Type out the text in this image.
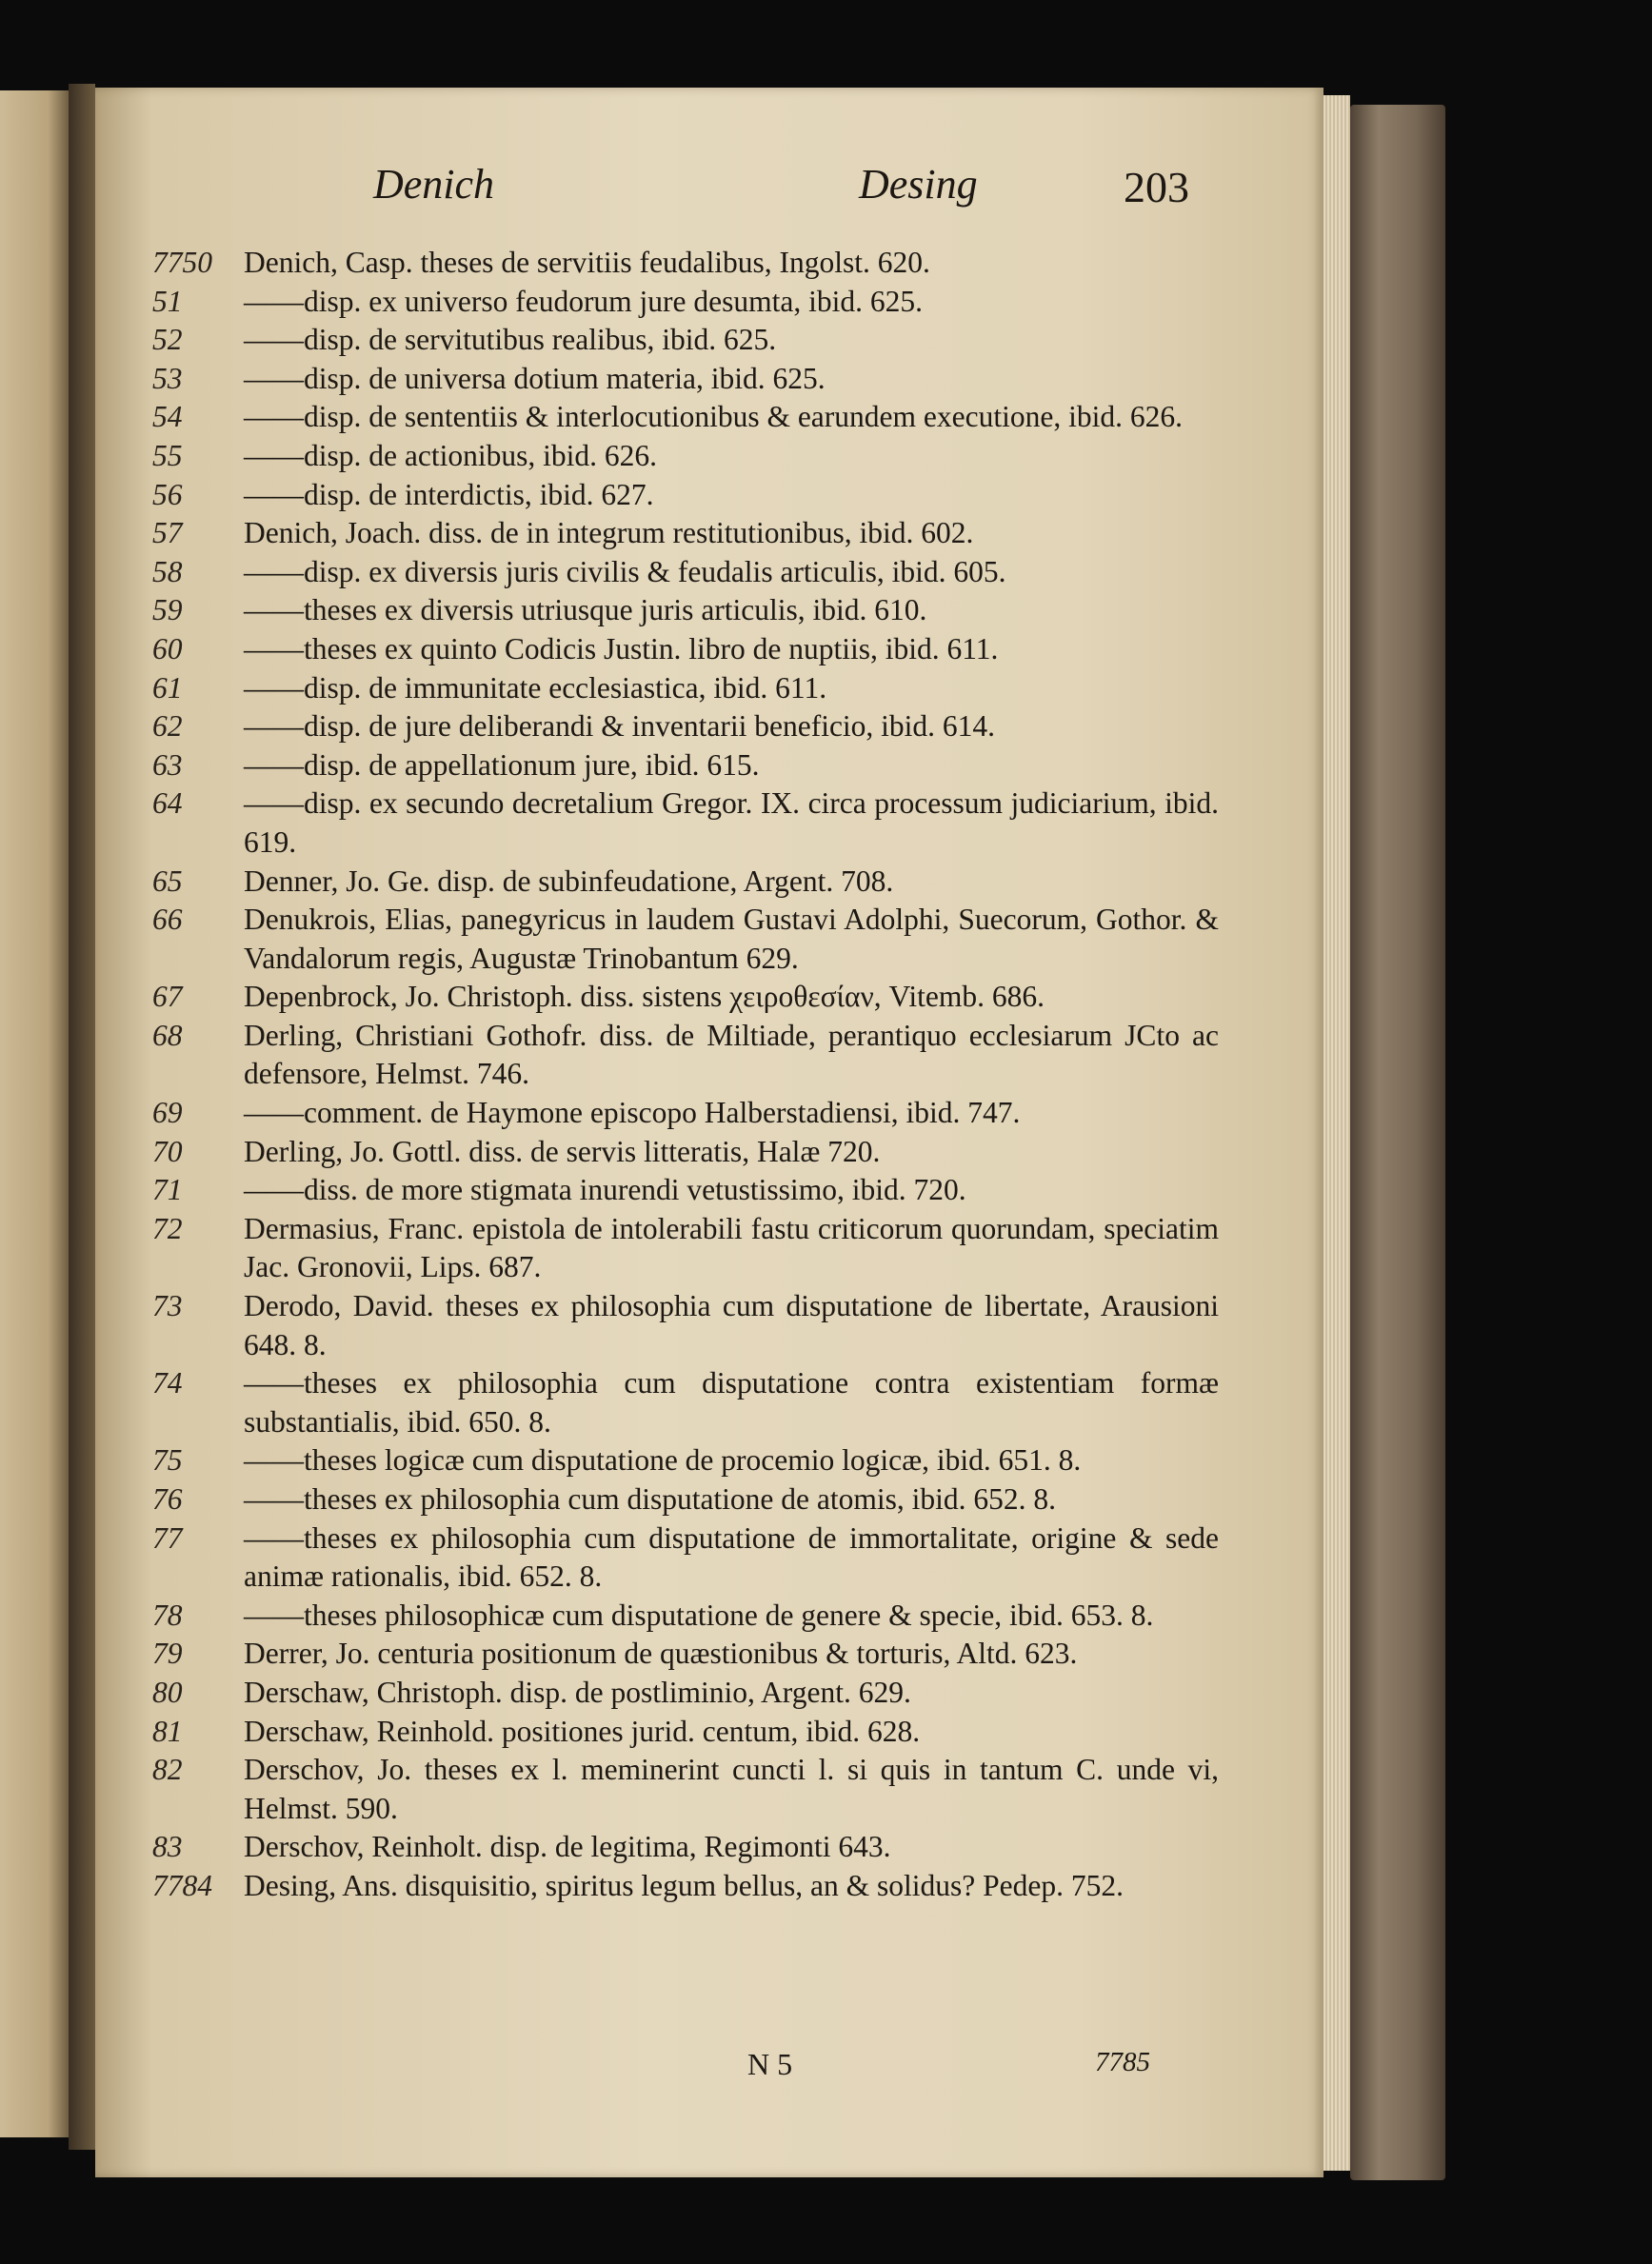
Denich	Desing	203
7750	Denich, Casp. theses de servitiis feudalibus, Ingolst. 620.
51	——disp. ex universo feudorum jure desumta, ibid. 625.
52	——disp. de servitutibus realibus, ibid. 625.
53	——disp. de universa dotium materia, ibid. 625.
54	——disp. de sententiis & interlocutionibus & earundem executione, ibid. 626.
55	——disp. de actionibus, ibid. 626.
56	——disp. de interdictis, ibid. 627.
57	Denich, Joach. diss. de in integrum restitutionibus, ibid. 602.
58	——disp. ex diversis juris civilis & feudalis articulis, ibid. 605.
59	——theses ex diversis utriusque juris articulis, ibid. 610.
60	——theses ex quinto Codicis Justin. libro de nuptiis, ibid. 611.
61	——disp. de immunitate ecclesiastica, ibid. 611.
62	——disp. de jure deliberandi & inventarii beneficio, ibid. 614.
63	——disp. de appellationum jure, ibid. 615.
64	——disp. ex secundo decretalium Gregor. IX. circa processum judiciarium, ibid. 619.
65	Denner, Jo. Ge. disp. de subinfeudatione, Argent. 708.
66	Denukrois, Elias, panegyricus in laudem Gustavi Adolphi, Suecorum, Gothor. & Vandalorum regis, Augustæ Trinobantum 629.
67	Depenbrock, Jo. Christoph. diss. sistens χειροθεσίαν, Vitemb. 686.
68	Derling, Christiani Gothofr. diss. de Miltiade, perantiquo ecclesiarum JCto ac defensore, Helmst. 746.
69	——comment. de Haymone episcopo Halberstadiensi, ibid. 747.
70	Derling, Jo. Gottl. diss. de servis litteratis, Halæ 720.
71	——diss. de more stigmata inurendi vetustissimo, ibid. 720.
72	Dermasius, Franc. epistola de intolerabili fastu criticorum quorundam, speciatim Jac. Gronovii, Lips. 687.
73	Derodo, David. theses ex philosophia cum disputatione de libertate, Arausioni 648. 8.
74	——theses ex philosophia cum disputatione contra existentiam formæ substantialis, ibid. 650. 8.
75	——theses logicæ cum disputatione de procemio logicæ, ibid. 651. 8.
76	——theses ex philosophia cum disputatione de atomis, ibid. 652. 8.
77	——theses ex philosophia cum disputatione de immortalitate, origine & sede animæ rationalis, ibid. 652. 8.
78	——theses philosophicæ cum disputatione de genere & specie, ibid. 653. 8.
79	Derrer, Jo. centuria positionum de quæstionibus & torturis, Altd. 623.
80	Derschaw, Christoph. disp. de postliminio, Argent. 629.
81	Derschaw, Reinhold. positiones jurid. centum, ibid. 628.
82	Derschov, Jo. theses ex l. meminerint cuncti l. si quis in tantum C. unde vi, Helmst. 590.
83	Derschov, Reinholt. disp. de legitima, Regimonti 643.
7784	Desing, Ans. disquisitio, spiritus legum bellus, an & solidus? Pedep. 752.
N 5	7785
